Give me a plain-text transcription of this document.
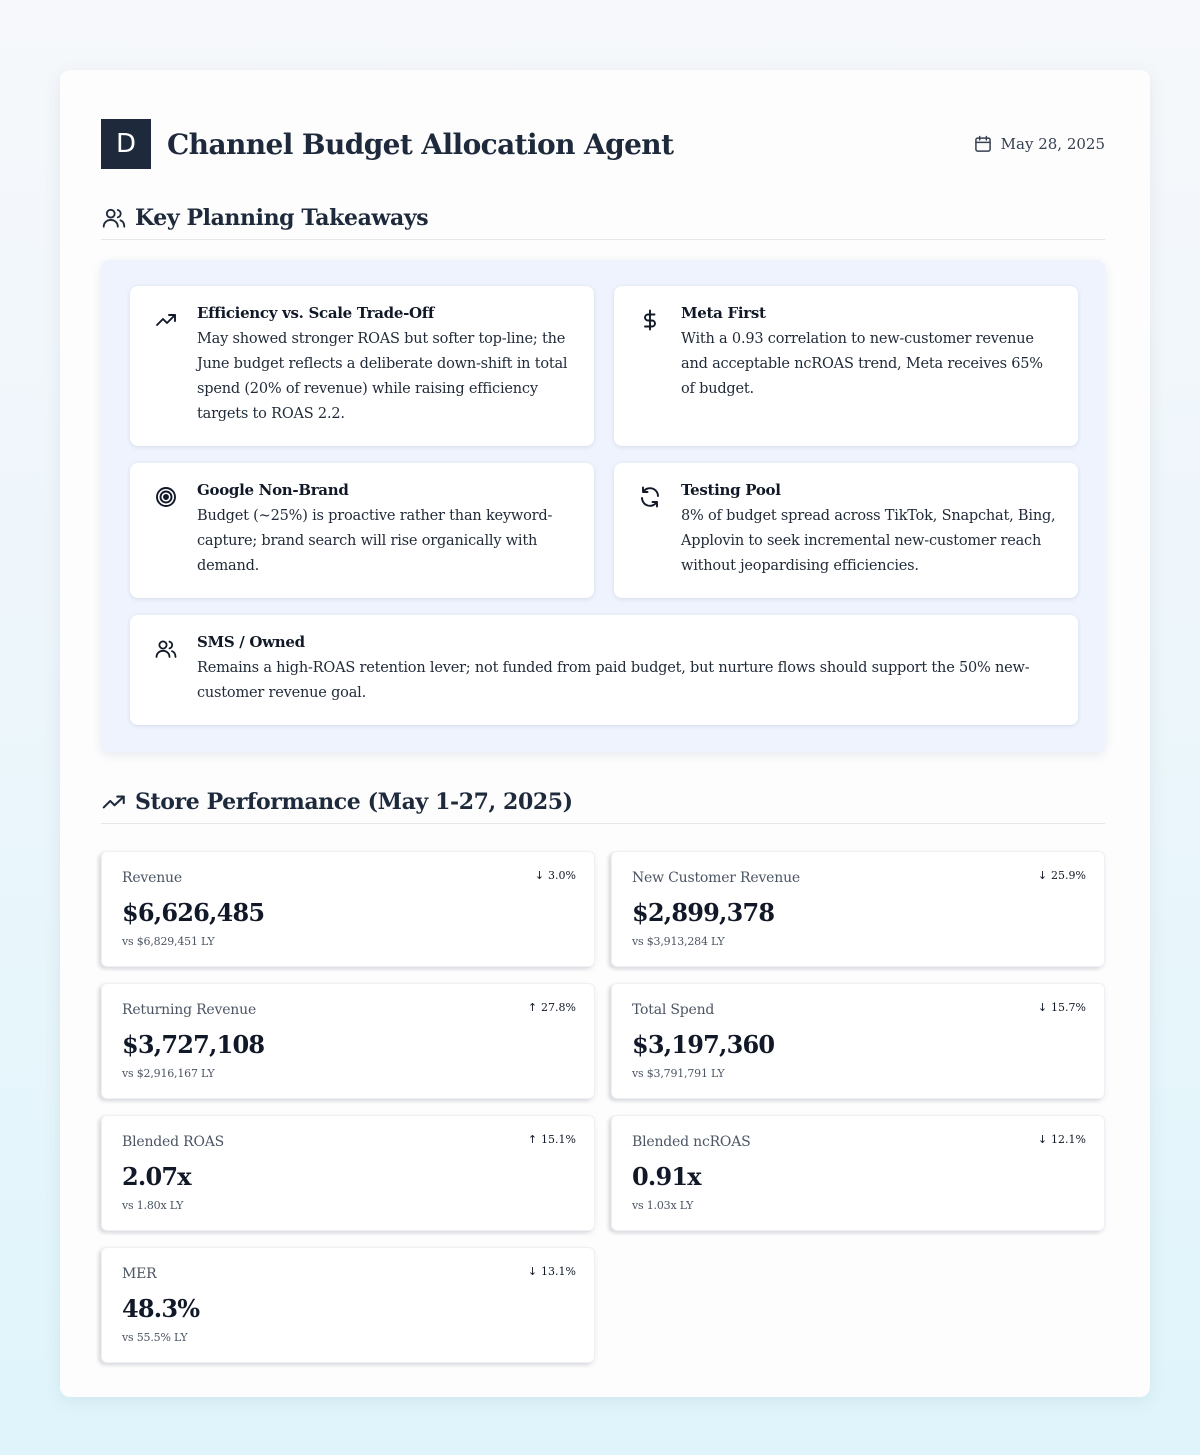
D	Channel Budget Allocation Agent	May 28, 2025
Key Planning Takeaways
Efficiency vs. Scale Trade-Off
May showed stronger ROAS but softer top-line; the June budget reflects a deliberate down-shift in total spend (20% of revenue) while raising efficiency targets to ROAS 2.2.
Meta First
With a 0.93 correlation to new-customer revenue and acceptable ncROAS trend, Meta receives 65% of budget.
Google Non-Brand
Budget (~25%) is proactive rather than keyword-capture; brand search will rise organically with demand.
Testing Pool
8% of budget spread across TikTok, Snapchat, Bing, Applovin to seek incremental new-customer reach without jeopardising efficiencies.
SMS / Owned
Remains a high-ROAS retention lever; not funded from paid budget, but nurture flows should support the 50% new-customer revenue goal.
Store Performance (May 1-27, 2025)
Revenue	↓ 3.0%
$6,626,485
vs $6,829,451 LY
New Customer Revenue	↓ 25.9%
$2,899,378
vs $3,913,284 LY
Returning Revenue	↑ 27.8%
$3,727,108
vs $2,916,167 LY
Total Spend	↓ 15.7%
$3,197,360
vs $3,791,791 LY
Blended ROAS	↑ 15.1%
2.07x
vs 1.80x LY
Blended ncROAS	↓ 12.1%
0.91x
vs 1.03x LY
MER	↓ 13.1%
48.3%
vs 55.5% LY
